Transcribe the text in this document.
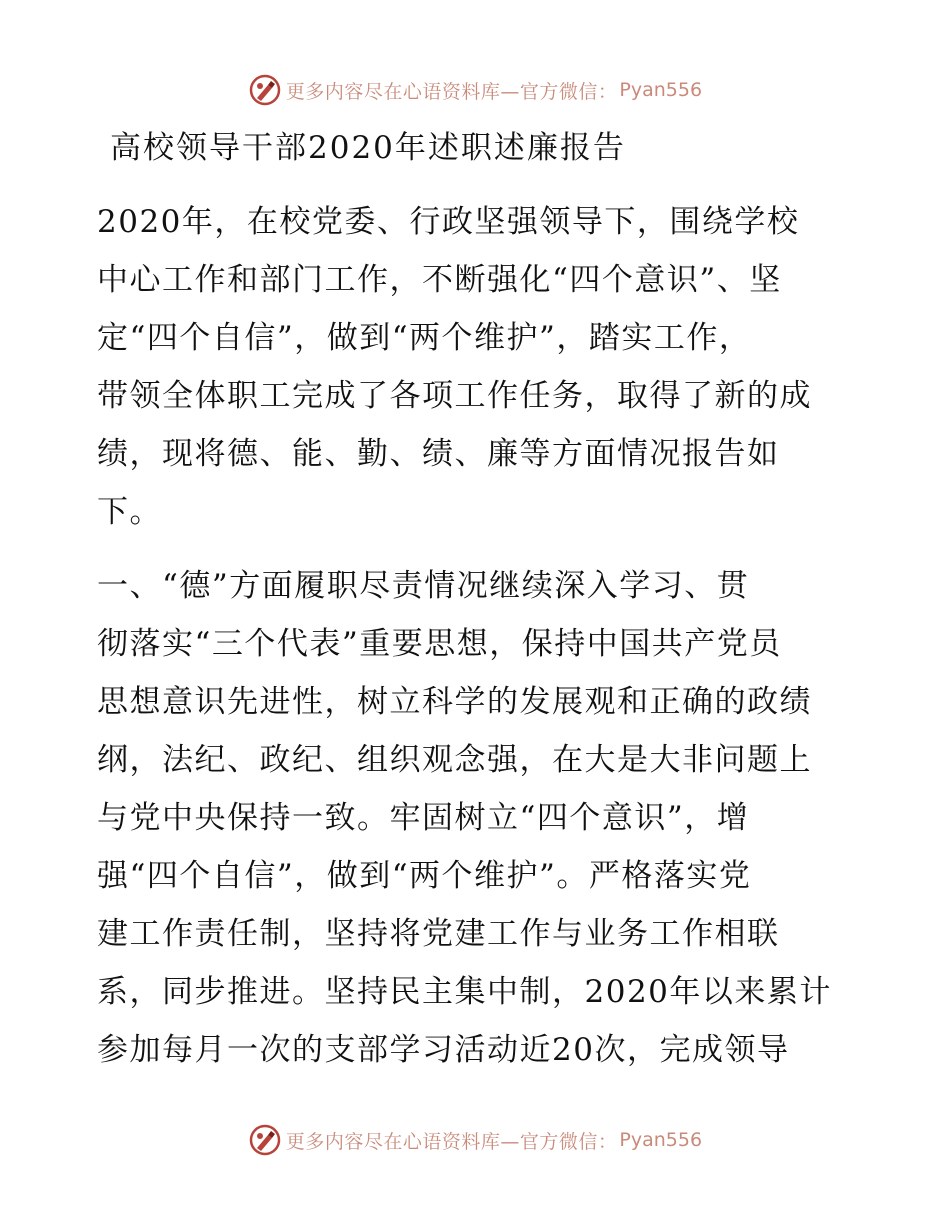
更多内容尽在心语资料库—官方微信： Pyan556
高校领导干部2020年述职述廉报告
2020年，在校党委、行政坚强领导下，围绕学校
中心工作和部门工作，不断强化“四个意识”、坚
定“四个自信”，做到“两个维护”，踏实工作，
带领全体职工完成了各项工作任务，取得了新的成
绩，现将德、能、勤、绩、廉等方面情况报告如
下。
一、“德”方面履职尽责情况继续深入学习、贯
彻落实“三个代表”重要思想，保持中国共产党员
思想意识先进性，树立科学的发展观和正确的政绩
纲，法纪、政纪、组织观念强，在大是大非问题上
与党中央保持一致。牢固树立“四个意识”，增
强“四个自信”，做到“两个维护”。严格落实党
建工作责任制，坚持将党建工作与业务工作相联
系，同步推进。坚持民主集中制，2020年以来累计
参加每月一次的支部学习活动近20次，完成领导
更多内容尽在心语资料库—官方微信： Pyan556
